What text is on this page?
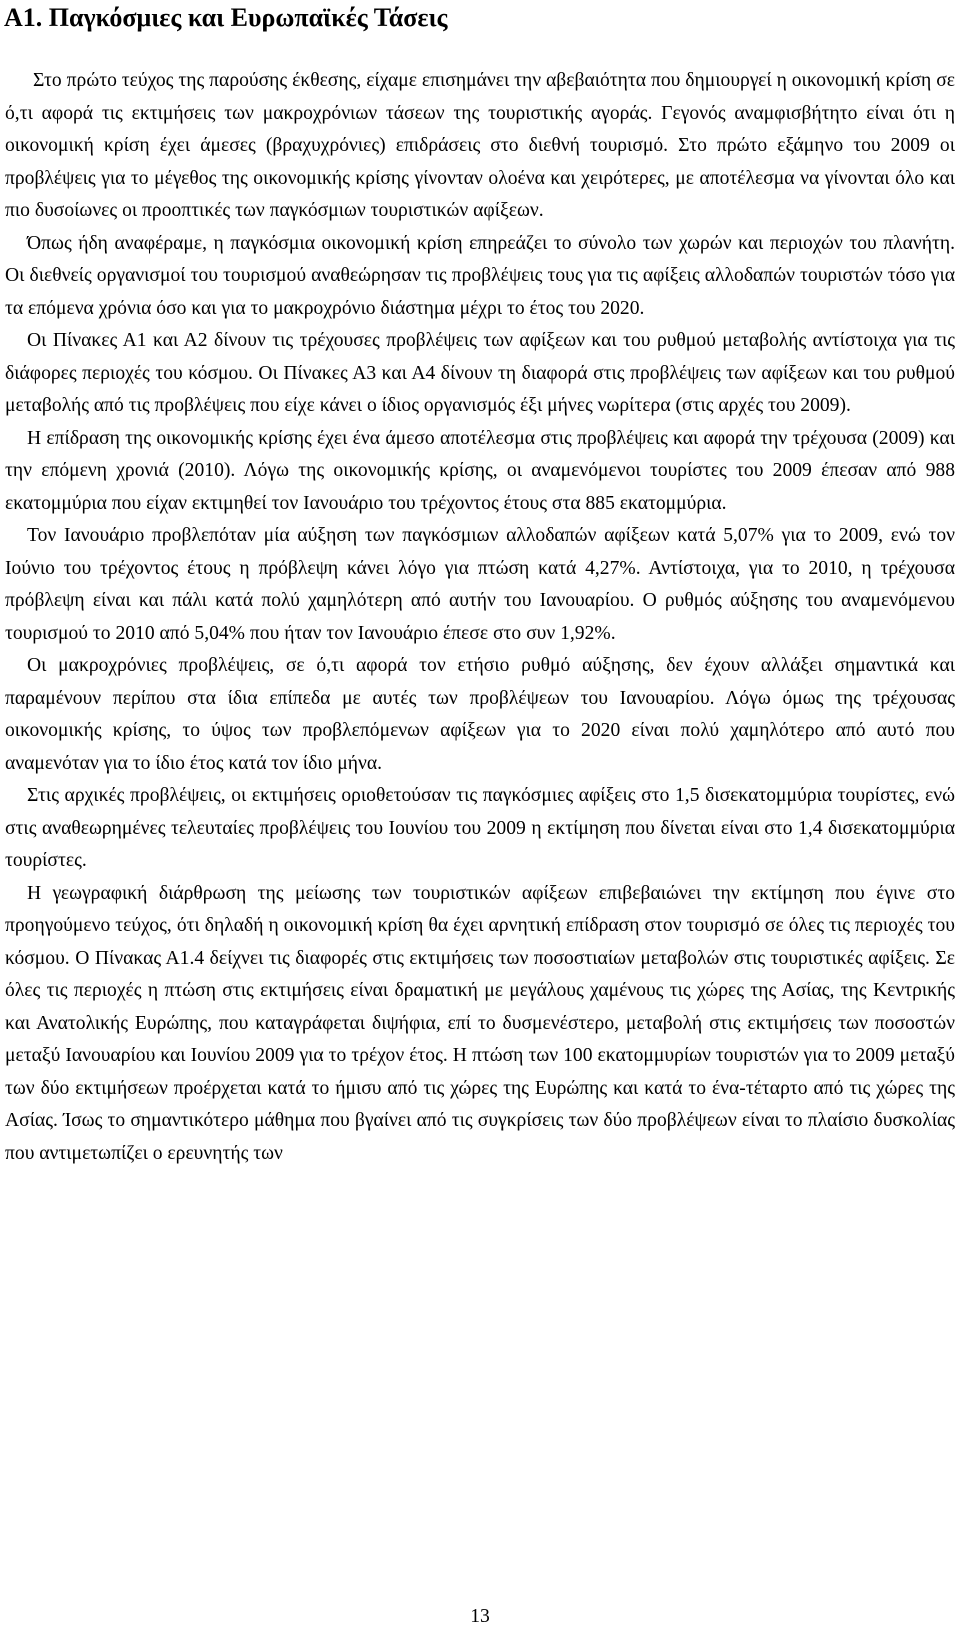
Α1. Παγκόσμιες και Ευρωπαϊκές Τάσεις

Στο πρώτο τεύχος της παρούσης έκθεσης, είχαμε επισημάνει την αβεβαιότητα που δημιουργεί η οικονομική κρίση σε ό,τι αφορά τις εκτιμήσεις των μακροχρόνιων τάσεων της τουριστικής αγοράς. Γεγονός αναμφισβήτητο είναι ότι η οικονομική κρίση έχει άμεσες (βραχυχρόνιες) επιδράσεις στο διεθνή τουρισμό. Στο πρώτο εξάμηνο του 2009 οι προβλέψεις για το μέγεθος της οικονομικής κρίσης γίνονταν ολοένα και χειρότερες, με αποτέλεσμα να γίνονται όλο και πιο δυσοίωνες οι προοπτικές των παγκόσμιων τουριστικών αφίξεων.

Όπως ήδη αναφέραμε, η παγκόσμια οικονομική κρίση επηρεάζει το σύνολο των χωρών και περιοχών του πλανήτη. Οι διεθνείς οργανισμοί του τουρισμού αναθεώρησαν τις προβλέψεις τους για τις αφίξεις αλλοδαπών τουριστών τόσο για τα επόμενα χρόνια όσο και για το μακροχρόνιο διάστημα μέχρι το έτος του 2020.

Οι Πίνακες Α1 και Α2 δίνουν τις τρέχουσες προβλέψεις των αφίξεων και του ρυθμού μεταβολής αντίστοιχα για τις διάφορες περιοχές του κόσμου. Οι Πίνακες Α3 και Α4 δίνουν τη διαφορά στις προβλέψεις των αφίξεων και του ρυθμού μεταβολής από τις προβλέψεις που είχε κάνει ο ίδιος οργανισμός έξι μήνες νωρίτερα (στις αρχές του 2009).

Η επίδραση της οικονομικής κρίσης έχει ένα άμεσο αποτέλεσμα στις προβλέψεις και αφορά την τρέχουσα (2009) και την επόμενη χρονιά (2010). Λόγω της οικονομικής κρίσης, οι αναμενόμενοι τουρίστες του 2009 έπεσαν από 988 εκατομμύρια που είχαν εκτιμηθεί τον Ιανουάριο του τρέχοντος έτους στα 885 εκατομμύρια.

Τον Ιανουάριο προβλεπόταν μία αύξηση των παγκόσμιων αλλοδαπών αφίξεων κατά 5,07% για το 2009, ενώ τον Ιούνιο του τρέχοντος έτους η πρόβλεψη κάνει λόγο για πτώση κατά 4,27%. Αντίστοιχα, για το 2010, η τρέχουσα πρόβλεψη είναι και πάλι κατά πολύ χαμηλότερη από αυτήν του Ιανουαρίου. Ο ρυθμός αύξησης του αναμενόμενου τουρισμού το 2010 από 5,04% που ήταν τον Ιανουάριο έπεσε στο συν 1,92%.

Οι μακροχρόνιες προβλέψεις, σε ό,τι αφορά τον ετήσιο ρυθμό αύξησης, δεν έχουν αλλάξει σημαντικά και παραμένουν περίπου στα ίδια επίπεδα με αυτές των προβλέψεων του Ιανουαρίου. Λόγω όμως της τρέχουσας οικονομικής κρίσης, το ύψος των προβλεπόμενων αφίξεων για το 2020 είναι πολύ χαμηλότερο από αυτό που αναμενόταν για το ίδιο έτος κατά τον ίδιο μήνα.

Στις αρχικές προβλέψεις, οι εκτιμήσεις οριοθετούσαν τις παγκόσμιες αφίξεις στο 1,5 δισεκατομμύρια τουρίστες, ενώ στις αναθεωρημένες τελευταίες προβλέψεις του Ιουνίου του 2009 η εκτίμηση που δίνεται είναι στο 1,4 δισεκατομμύρια τουρίστες.

Η γεωγραφική διάρθρωση της μείωσης των τουριστικών αφίξεων επιβεβαιώνει την εκτίμηση που έγινε στο προηγούμενο τεύχος, ότι δηλαδή η οικονομική κρίση θα έχει αρνητική επίδραση στον τουρισμό σε όλες τις περιοχές του κόσμου. Ο Πίνακας Α1.4 δείχνει τις διαφορές στις εκτιμήσεις των ποσοστιαίων μεταβολών στις τουριστικές αφίξεις. Σε όλες τις περιοχές η πτώση στις εκτιμήσεις είναι δραματική με μεγάλους χαμένους τις χώρες της Ασίας, της Κεντρικής και Ανατολικής Ευρώπης, που καταγράφεται διψήφια, επί το δυσμενέστερο, μεταβολή στις εκτιμήσεις των ποσοστών μεταξύ Ιανουαρίου και Ιουνίου 2009 για το τρέχον έτος. Η πτώση των 100 εκατομμυρίων τουριστών για το 2009 μεταξύ των δύο εκτιμήσεων προέρχεται κατά το ήμισυ από τις χώρες της Ευρώπης και κατά το ένα-τέταρτο από τις χώρες της Ασίας. Ίσως το σημαντικότερο μάθημα που βγαίνει από τις συγκρίσεις των δύο προβλέψεων είναι το πλαίσιο δυσκολίας που αντιμετωπίζει ο ερευνητής των

13
